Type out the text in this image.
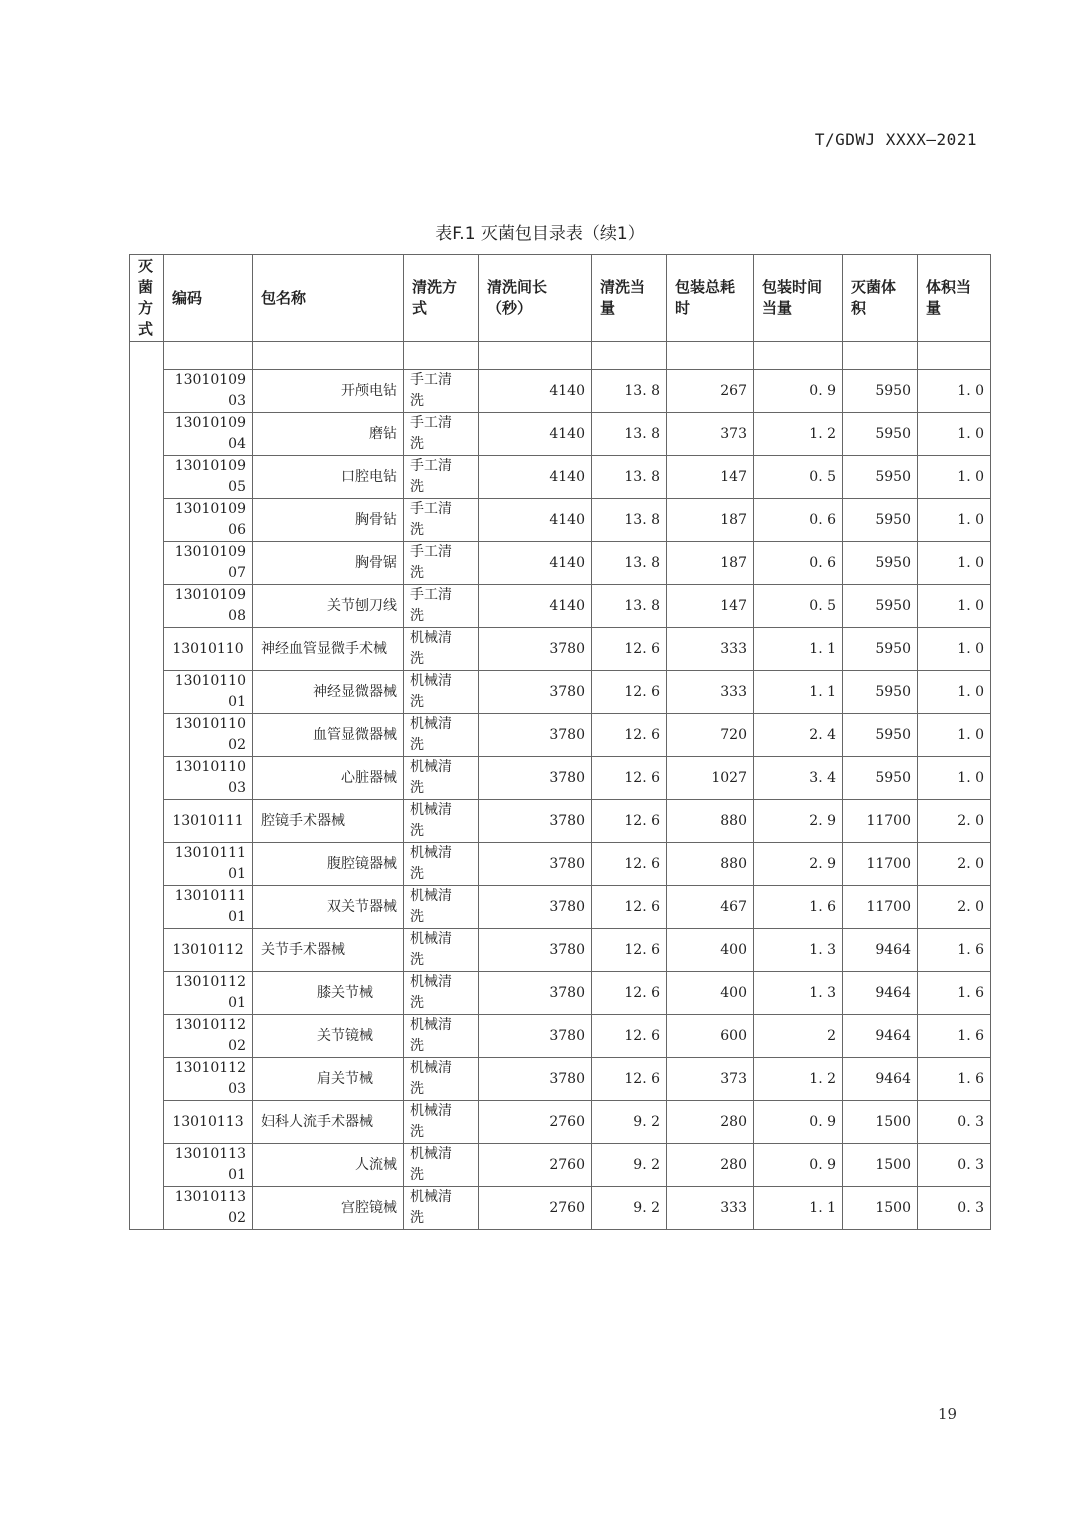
T/GDWJ XXXX—2021
表F.1 灭菌包目录表（续1）
灭
菌
方
式	编码	包名称	清洗方
式	清洗间长
（秒）	清洗当
量	包装总耗
时	包装时间
当量	灭菌体
积	体积当
量

	13010109
03	开颅电钻	手工清
洗	4140	13. 8	267	0. 9	5950	1. 0
	13010109
04	磨钻	手工清
洗	4140	13. 8	373	1. 2	5950	1. 0
	13010109
05	口腔电钻	手工清
洗	4140	13. 8	147	0. 5	5950	1. 0
	13010109
06	胸骨钻	手工清
洗	4140	13. 8	187	0. 6	5950	1. 0
	13010109
07	胸骨锯	手工清
洗	4140	13. 8	187	0. 6	5950	1. 0
	13010109
08	关节刨刀线	手工清
洗	4140	13. 8	147	0. 5	5950	1. 0
	13010110	神经血管显微手术械	机械清
洗	3780	12. 6	333	1. 1	5950	1. 0
	13010110
01	神经显微器械	机械清
洗	3780	12. 6	333	1. 1	5950	1. 0
	13010110
02	血管显微器械	机械清
洗	3780	12. 6	720	2. 4	5950	1. 0
	13010110
03	心脏器械	机械清
洗	3780	12. 6	1027	3. 4	5950	1. 0
	13010111	腔镜手术器械	机械清
洗	3780	12. 6	880	2. 9	11700	2. 0
	13010111
01	腹腔镜器械	机械清
洗	3780	12. 6	880	2. 9	11700	2. 0
	13010111
01	双关节器械	机械清
洗	3780	12. 6	467	1. 6	11700	2. 0
	13010112	关节手术器械	机械清
洗	3780	12. 6	400	1. 3	9464	1. 6
	13010112
01	膝关节械	机械清
洗	3780	12. 6	400	1. 3	9464	1. 6
	13010112
02	关节镜械	机械清
洗	3780	12. 6	600	2	9464	1. 6
	13010112
03	肩关节械	机械清
洗	3780	12. 6	373	1. 2	9464	1. 6
	13010113	妇科人流手术器械	机械清
洗	2760	9. 2	280	0. 9	1500	0. 3
	13010113
01	人流械	机械清
洗	2760	9. 2	280	0. 9	1500	0. 3
	13010113
02	宫腔镜械	机械清
洗	2760	9. 2	333	1. 1	1500	0. 3
19
